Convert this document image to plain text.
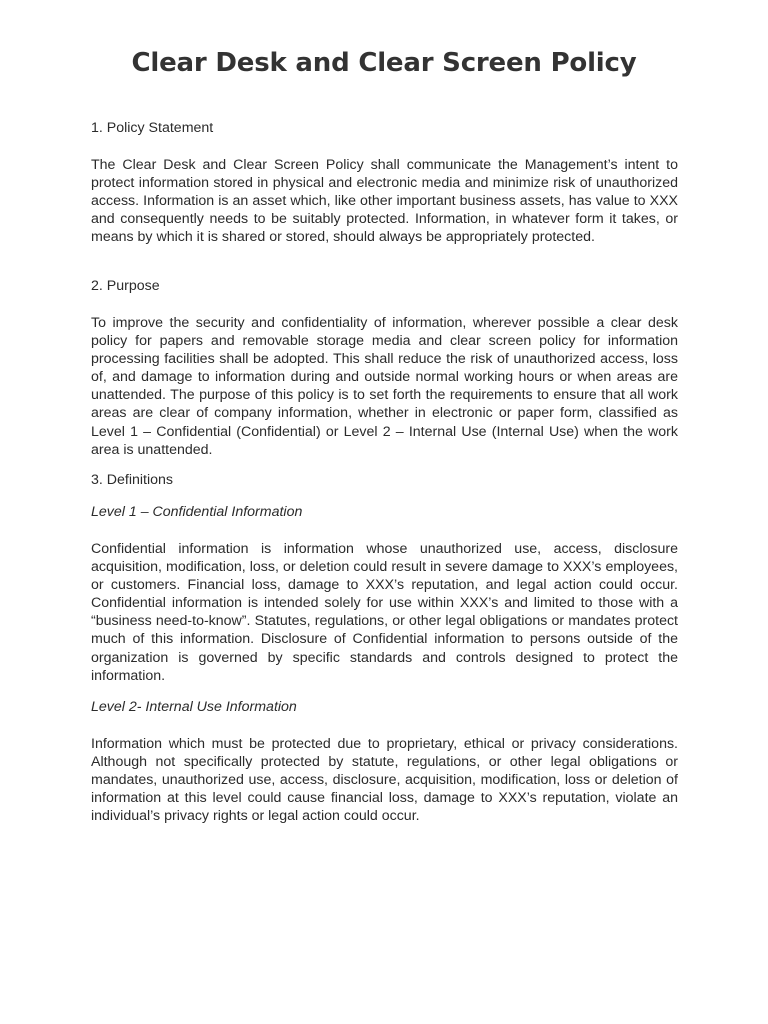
Clear Desk and Clear Screen Policy

1. Policy Statement

The Clear Desk and Clear Screen Policy shall communicate the Management’s intent to protect information stored in physical and electronic media and minimize risk of unauthorized access. Information is an asset which, like other important business assets, has value to XXX and consequently needs to be suitably protected. Information, in whatever form it takes, or means by which it is shared or stored, should always be appropriately protected.

2. Purpose

To improve the security and confidentiality of information, wherever possible a clear desk policy for papers and removable storage media and clear screen policy for information processing facilities shall be adopted. This shall reduce the risk of unauthorized access, loss of, and damage to information during and outside normal working hours or when areas are unattended. The purpose of this policy is to set forth the requirements to ensure that all work areas are clear of company information, whether in electronic or paper form, classified as Level 1 – Confidential (Confidential) or Level 2 – Internal Use (Internal Use) when the work area is unattended.

3. Definitions

Level 1 – Confidential Information

Confidential information is information whose unauthorized use, access, disclosure acquisition, modification, loss, or deletion could result in severe damage to XXX’s employees, or customers. Financial loss, damage to XXX’s reputation, and legal action could occur. Confidential information is intended solely for use within XXX’s and limited to those with a “business need-to-know”. Statutes, regulations, or other legal obligations or mandates protect much of this information. Disclosure of Confidential information to persons outside of the organization is governed by specific standards and controls designed to protect the information.

Level 2- Internal Use Information

Information which must be protected due to proprietary, ethical or privacy considerations. Although not specifically protected by statute, regulations, or other legal obligations or mandates, unauthorized use, access, disclosure, acquisition, modification, loss or deletion of information at this level could cause financial loss, damage to XXX’s reputation, violate an individual’s privacy rights or legal action could occur.
